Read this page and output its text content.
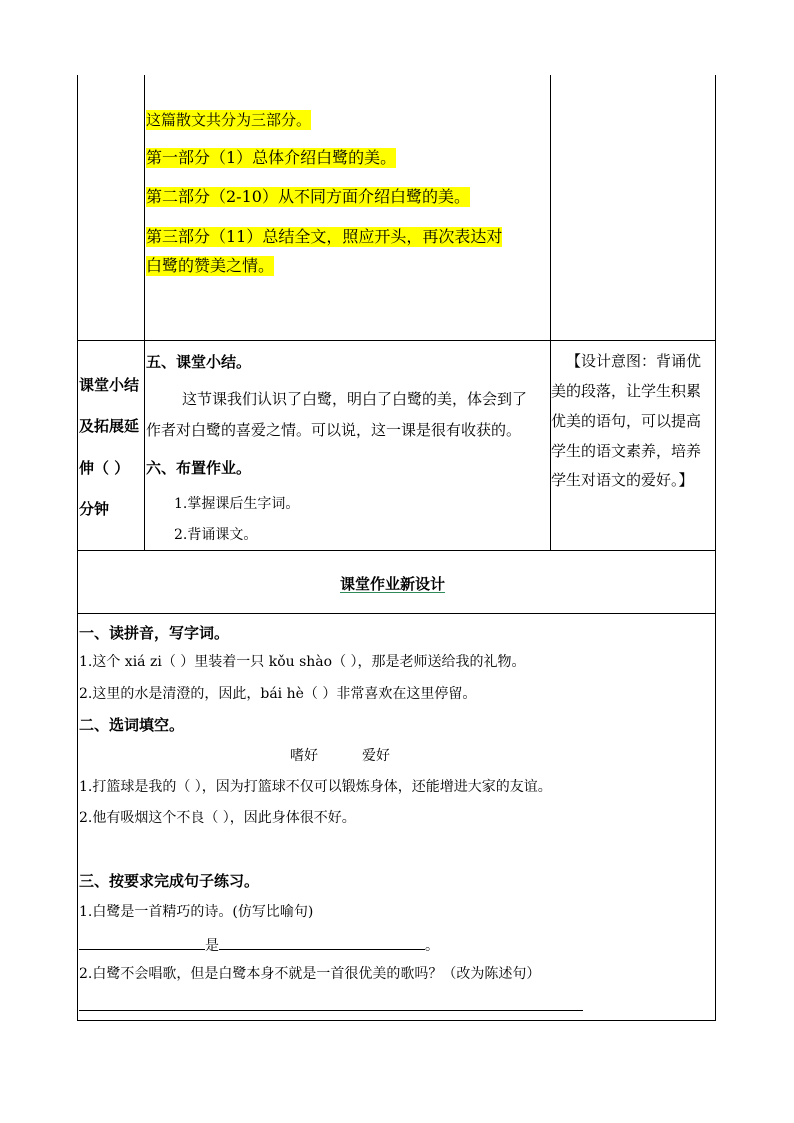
这篇散文共分为三部分。
第一部分（1）总体介绍白鹭的美。
第二部分（2-10）从不同方面介绍白鹭的美。
第三部分（11）总结全文，照应开头，再次表达对
白鹭的赞美之情。
课堂小结
及拓展延
伸（ ）
分钟
五、课堂小结。
这节课我们认识了白鹭，明白了白鹭的美，体会到了
作者对白鹭的喜爱之情。可以说，这一课是很有收获的。
六、布置作业。
1.掌握课后生字词。
2.背诵课文。
【设计意图：背诵优
美的段落，让学生积累
优美的语句，可以提高
学生的语文素养，培养
学生对语文的爱好。】
课堂作业新设计
一、读拼音，写字词。
1.这个 xiá zi（ ）里装着一只 kǒu shào（ ），那是老师送给我的礼物。
2.这里的水是清澄的，因此，bái hè（ ）非常喜欢在这里停留。
二、选词填空。
嗜好	爱好
1.打篮球是我的（ ），因为打篮球不仅可以锻炼身体，还能增进大家的友谊。
2.他有吸烟这个不良（ ），因此身体很不好。
三、按要求完成句子练习。
1.白鹭是一首精巧的诗。(仿写比喻句)
是	。
2.白鹭不会唱歌，但是白鹭本身不就是一首很优美的歌吗？（改为陈述句）
